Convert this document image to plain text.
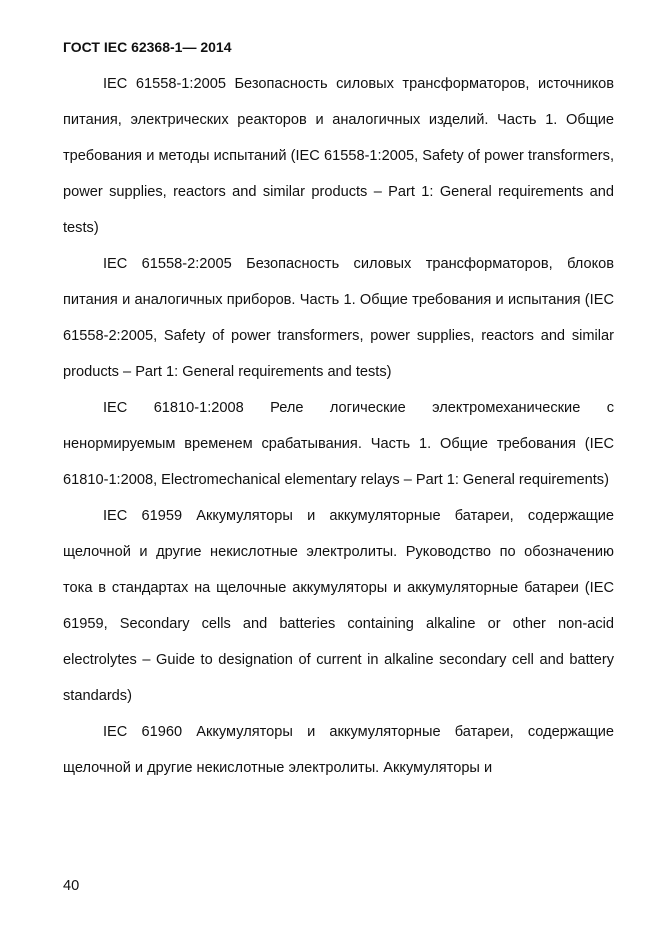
ГОСТ IEC 62368-1— 2014

IEC 61558-1:2005 Безопасность силовых трансформаторов, источников питания, электрических реакторов и аналогичных изделий. Часть 1. Общие требования и методы испытаний (IEC 61558-1:2005, Safety of power transformers, power supplies, reactors and similar products – Part 1: General requirements and tests)

IEC 61558-2:2005 Безопасность силовых трансформаторов, блоков питания и аналогичных приборов. Часть 1. Общие требования и испытания (IEC 61558-2:2005, Safety of power transformers, power supplies, reactors and similar products – Part 1: General requirements and tests)

IEC 61810-1:2008 Реле логические электромеханические с ненормируемым временем срабатывания. Часть 1. Общие требования (IEC 61810-1:2008, Electromechanical elementary relays – Part 1: General requirements)

IEC 61959 Аккумуляторы и аккумуляторные батареи, содержащие щелочной и другие некислотные электролиты. Руководство по обозначению тока в стандартах на щелочные аккумуляторы и аккумуляторные батареи (IEC 61959, Secondary cells and batteries containing alkaline or other non-acid electrolytes – Guide to designation of current in alkaline secondary cell and battery standards)

IEC 61960 Аккумуляторы и аккумуляторные батареи, содержащие щелочной и другие некислотные электролиты. Аккумуляторы и

40
